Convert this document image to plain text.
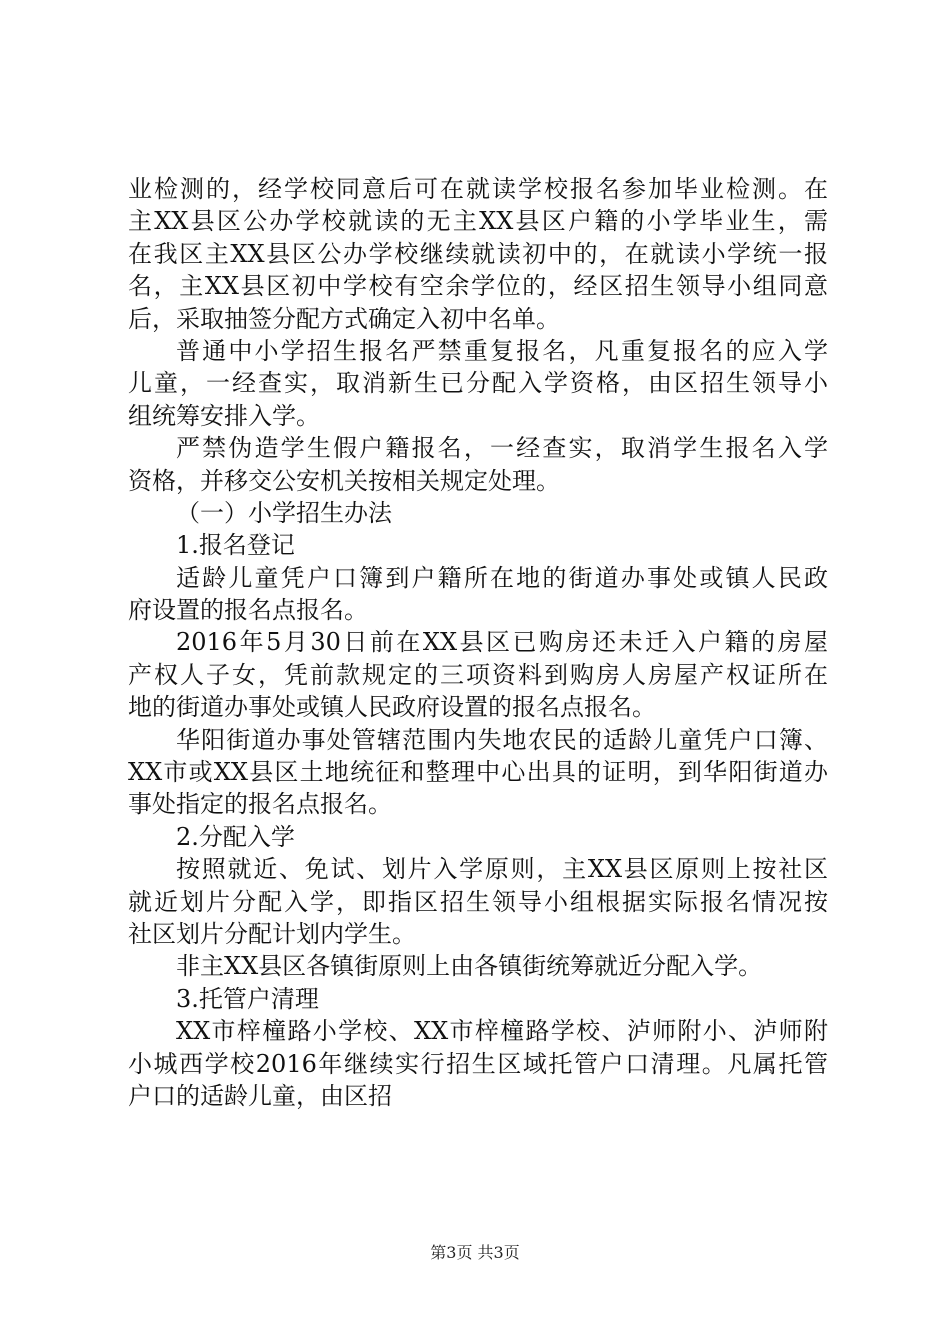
业检测的，经学校同意后可在就读学校报名参加毕业检测。在
主XX县区公办学校就读的无主XX县区户籍的小学毕业生，需
在我区主XX县区公办学校继续就读初中的，在就读小学统一报
名，主XX县区初中学校有空余学位的，经区招生领导小组同意
后，采取抽签分配方式确定入初中名单。
普通中小学招生报名严禁重复报名，凡重复报名的应入学
儿童，一经查实，取消新生已分配入学资格，由区招生领导小
组统筹安排入学。
严禁伪造学生假户籍报名，一经查实，取消学生报名入学
资格，并移交公安机关按相关规定处理。
（一）小学招生办法
1.报名登记
适龄儿童凭户口簿到户籍所在地的街道办事处或镇人民政
府设置的报名点报名。
2016年5月30日前在XX县区已购房还未迁入户籍的房屋
产权人子女，凭前款规定的三项资料到购房人房屋产权证所在
地的街道办事处或镇人民政府设置的报名点报名。
华阳街道办事处管辖范围内失地农民的适龄儿童凭户口簿、
XX市或XX县区土地统征和整理中心出具的证明，到华阳街道办
事处指定的报名点报名。
2.分配入学
按照就近、免试、划片入学原则，主XX县区原则上按社区
就近划片分配入学，即指区招生领导小组根据实际报名情况按
社区划片分配计划内学生。
非主XX县区各镇街原则上由各镇街统筹就近分配入学。
3.托管户清理
XX市梓橦路小学校、XX市梓橦路学校、泸师附小、泸师附
小城西学校2016年继续实行招生区域托管户口清理。凡属托管
户口的适龄儿童，由区招
第3页 共3页
